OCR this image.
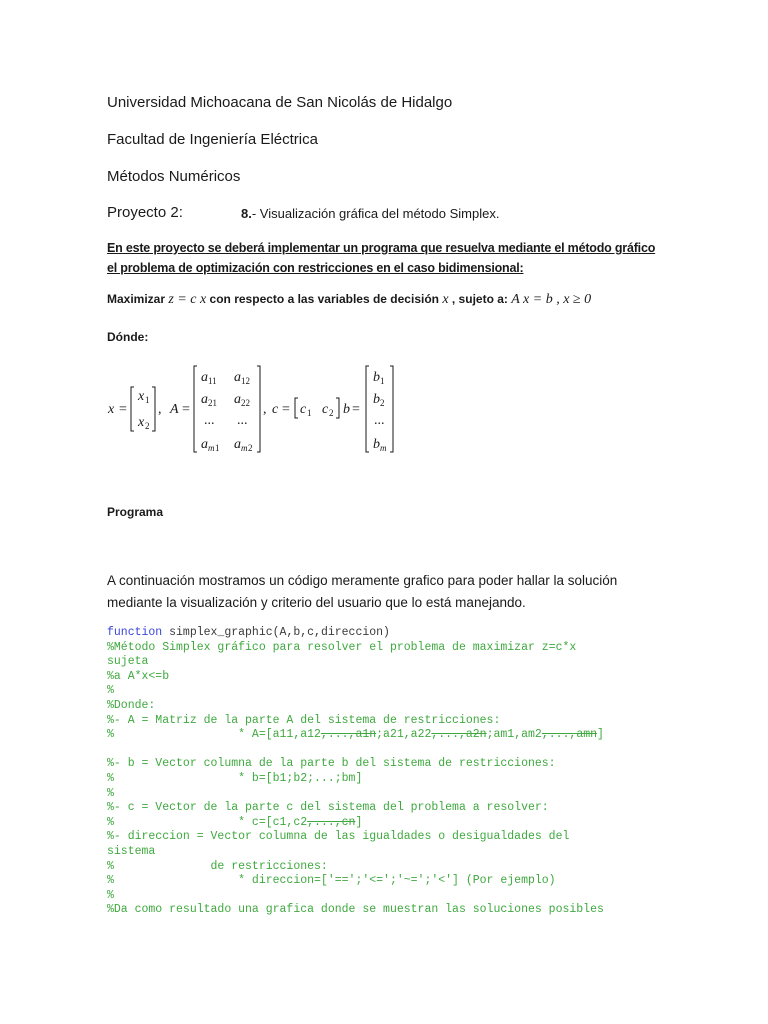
Universidad Michoacana de San Nicolás de Hidalgo
Facultad de Ingeniería Eléctrica
Métodos Numéricos
Proyecto 2:	8.- Visualización gráfica del método Simplex.
En este proyecto se deberá implementar un programa que resuelva mediante el método gráfico
el problema de optimización con restricciones en el caso bidimensional:
Maximizar z = c x con respecto a las variables de decisión x , sujeto a: A x = b , x ≥ 0
Dónde:
x =
x 1
x 2
, A =
a 11 a 12
a 21 a 22
... ...
a m 1 a m 2
, c = c 1 c 2 b =
b 1
b 2
...
b m
Programa
A continuación mostramos un código meramente grafico para poder hallar la solución
mediante la visualización y criterio del usuario que lo está manejando.
function simplex_graphic(A,b,c,direccion)
%Método Simplex gráfico para resolver el problema de maximizar z=c*x
sujeta
%a A*x<=b
%
%Donde:
%- A = Matriz de la parte A del sistema de restricciones:
%                  * A=[a11,a12,...,a1n;a21,a22,...,a2n;am1,am2,...,amn]

%- b = Vector columna de la parte b del sistema de restricciones:
%                  * b=[b1;b2;...;bm]
%
%- c = Vector de la parte c del sistema del problema a resolver:
%                  * c=[c1,c2,...,cn]
%- direccion = Vector columna de las igualdades o desigualdades del
sistema
%              de restricciones:
%                  * direccion=['==';'<=';'~=';'<'] (Por ejemplo)
%
%Da como resultado una grafica donde se muestran las soluciones posibles
